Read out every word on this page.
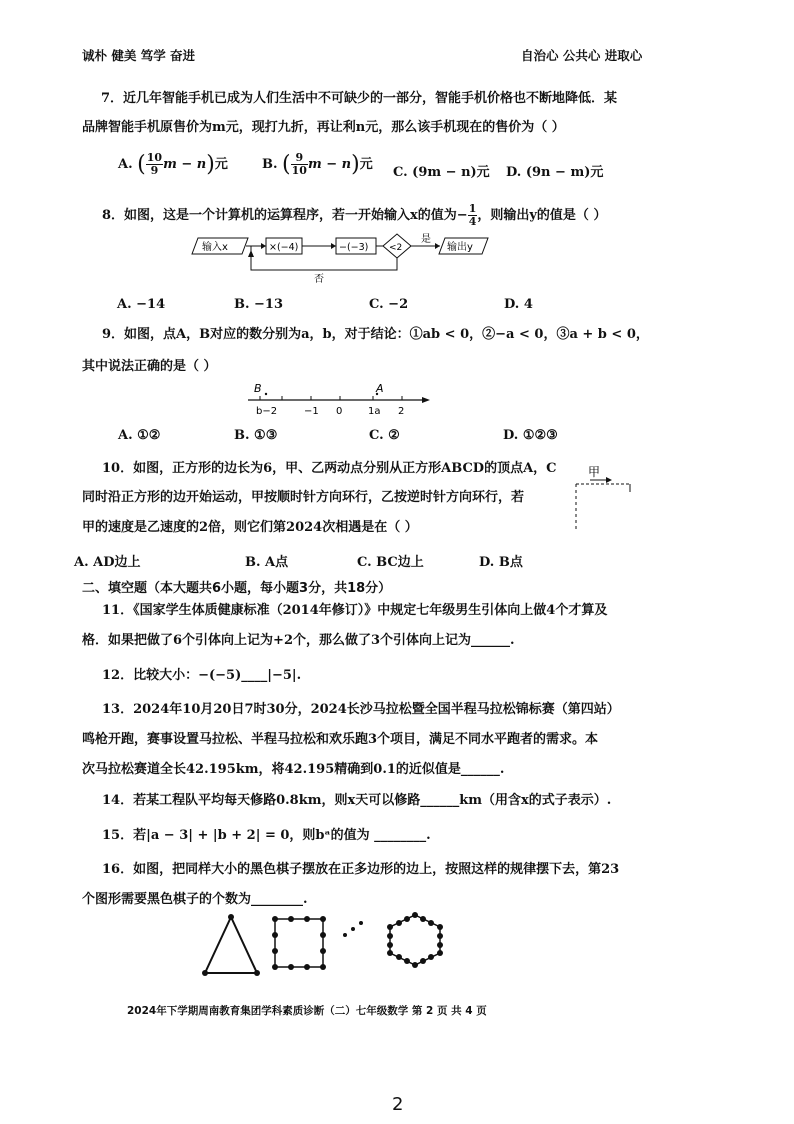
诚朴 健美 笃学 奋进	自治心 公共心 进取心
7．近几年智能手机已成为人们生活中不可缺少的一部分，智能手机价格也不断地降低．某
品牌智能手机原售价为m元，现打九折，再让利n元，那么该手机现在的售价为（ ）
A. ( $\frac{10}{9}$ m − n)元	B. ( $\frac{9}{10}$ m − n)元
C. (9m − n)元 D. (9n − m)元
8．如图，这是一个计算机的运算程序，若一开始输入x的值为− $\frac{1}{4}$ ，则输出y的值是（ ）
输入x	×(−4)	−(−3) <2
是
输出y
否
A. −14	B. −13	C. −2	D. 4
9．如图，点A，B对应的数分别为a，b，对于结论：①ab < 0，②−a < 0，③a + b < 0，
其中说法正确的是（ ）
B	A
b−2	−1 0	1a 2
A. ①②	B. ①③	C. ②	D. ①②③
10．如图，正方形的边长为6，甲、乙两动点分别从正方形ABCD的顶点A，C
同时沿正方形的边开始运动，甲按顺时针方向环行，乙按逆时针方向环行，若
甲的速度是乙速度的2倍，则它们第2024次相遇是在（ ）
甲
A. AD边上	B. A点	C. BC边上	D. B点
二、填空题（本大题共6小题，每小题3分，共18分）
11．《国家学生体质健康标准（2014年修订）》中规定七年级男生引体向上做4个才算及
格．如果把做了6个引体向上记为+2个，那么做了3个引体向上记为______.
12．比较大小：−(−5)____|−5|.
13．2024年10月20日7时30分，2024长沙马拉松暨全国半程马拉松锦标赛（第四站）
鸣枪开跑，赛事设置马拉松、半程马拉松和欢乐跑3个项目，满足不同水平跑者的需求。本
次马拉松赛道全长42.195km，将42.195精确到0.1的近似值是______.
14．若某工程队平均每天修路0.8km，则x天可以修路______km（用含x的式子表示）.
15．若|a − 3| + |b + 2| = 0，则bᵃ的值为 ________.
16．如图，把同样大小的黑色棋子摆放在正多边形的边上，按照这样的规律摆下去，第23
个图形需要黑色棋子的个数为________.
2024年下学期周南教育集团学科素质诊断（二）七年级数学 第 2 页 共 4 页
2
